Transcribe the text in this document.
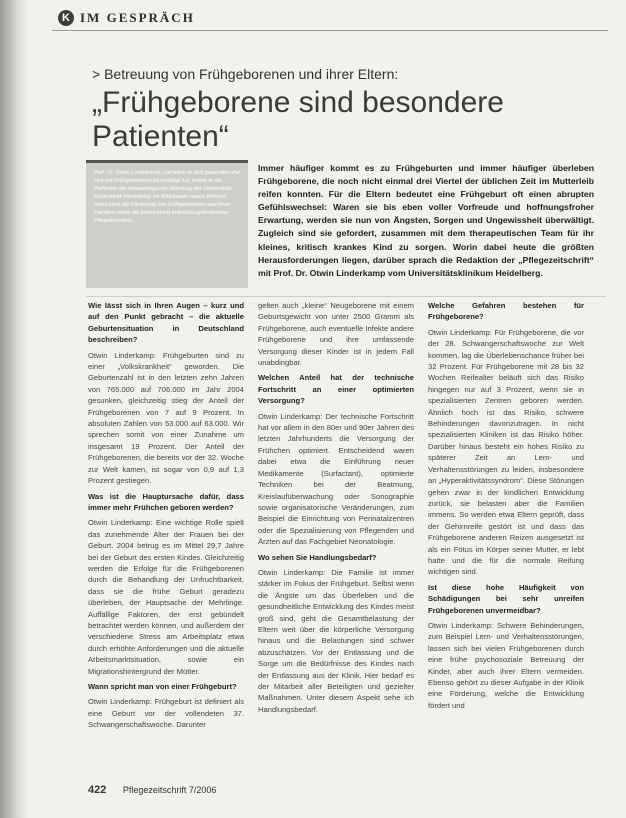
K IM GESPRÄCH
> Betreuung von Frühgeborenen und ihrer Eltern:
„Frühgeborene sind besondere Patienten“
Prof. Dr. Otwin Linderkamp, nachdem er Arzt geworden und sich mit Frühgeborenen beschäftigt hat, leitete er als Professor die neonatologische Abteilung der Universitäts-Kinderklinik Heidelberg. Im Mittelpunkt seines Wirkens stand stets die Förderung von Frühgeborenen und ihren Familien sowie die Entwicklung entwicklungsfördernder Pflegekonzepte.
Immer häufiger kommt es zu Frühgeburten und immer häufiger überleben Frühgeborene, die noch nicht einmal drei Viertel der üblichen Zeit im Mutterleib reifen konnten. Für die Eltern bedeutet eine Frühgeburt oft einen abrupten Gefühlswechsel: Waren sie bis eben voller Vorfreude und hoffnungsfroher Erwartung, werden sie nun von Ängsten, Sorgen und Ungewissheit überwältigt. Zugleich sind sie gefordert, zusammen mit dem therapeutischen Team für ihr kleines, kritisch krankes Kind zu sorgen. Worin dabei heute die größten Herausforderungen liegen, darüber sprach die Redaktion der „Pflegezeitschrift“ mit Prof. Dr. Otwin Linderkamp vom Universitätsklinikum Heidelberg.

Wie lässt sich in Ihren Augen – kurz und auf den Punkt gebracht – die aktuelle Geburtensituation in Deutschland beschreiben?

Otwin Linderkamp: Frühgeburten sind zu einer „Volkskrankheit“ geworden. Die Geburtenzahl ist in den letzten zehn Jahren von 765.000 auf 706.000 im Jahr 2004 gesunken, gleichzeitig stieg der Anteil der Frühgeborenen von 7 auf 9 Prozent. In absoluten Zahlen von 53.000 auf 63.000. Wir sprechen somit von einer Zunahme um insgesamt 19 Prozent. Der Anteil der Frühgeborenen, die bereits vor der 32. Woche zur Welt kamen, ist sogar von 0,9 auf 1,3 Prozent gestiegen.

Was ist die Hauptursache dafür, dass immer mehr Frühchen geboren werden?

Otwin Linderkamp: Eine wichtige Rolle spielt das zunehmende Alter der Frauen bei der Geburt. 2004 betrug es im Mittel 29,7 Jahre bei der Geburt des ersten Kindes. Gleichzeitig werden die Erfolge für die Frühgeborenen durch die Behandlung der Unfruchtbarkeit, dass sie die frühe Geburt geradezu überleben, der Hauptsache der Mehrlinge. Auffällige Faktoren, der erst gebündelt betrachtet werden können, und außerdem der verschiedene Stress am Arbeitsplatz etwa durch erhöhte Anforderungen und die aktuelle Arbeitsmarktsituation, sowie ein Migrationshintergrund der Mütter.

Wann spricht man von einer Frühgeburt?

Otwin Linderkamp: Frühgeburt ist definiert als eine Geburt vor der vollendeten 37. Schwangerschaftswoche. Darunter

gelten auch „kleine“ Neugeborene mit einem Geburtsgewicht von unter 2500 Gramm als Frühgeborene, auch eventuelle Infekte andere Frühgeborene und ihre umfassende Versorgung dieser Kinder ist in jedem Fall unabdingbar.

Welchen Anteil hat der technische Fortschritt an einer optimierten Versorgung?

Otwin Linderkamp: Der technische Fortschritt hat vor allem in den 80er und 90er Jahren des letzten Jahrhunderts die Versorgung der Frühchen optimiert. Entscheidend waren dabei etwa die Einführung neuer Medikamente (Surfactant), optimierte Techniken bei der Beatmung, Kreislaufüberwachung oder Sonographie sowie organisatorische Veränderungen, zum Beispiel die Einrichtung von Perinatalzentren oder die Spezialisierung von Pflegenden und Ärzten auf das Fachgebiet Neonatologie.

Wo sehen Sie Handlungsbedarf?

Otwin Linderkamp: Die Familie ist immer stärker im Fokus der Frühgeburt. Selbst wenn die Ängste um das Überleben und die gesundheitliche Entwicklung des Kindes meist groß sind, geht die Gesamtbelastung der Eltern weit über die körperliche Versorgung hinaus und die Belastungen sind schwer abzuschätzen. Vor der Entlassung und die Sorge um die Bedürfnisse des Kindes nach der Entlassung aus der Klinik. Hier bedarf es der Mitarbeit aller Beteiligten und gezielter Maßnahmen. Unter diesem Aspekt sehe ich Handlungsbedarf.

Welche Gefahren bestehen für Frühgeborene?

Otwin Linderkamp: Für Frühgeborene, die vor der 28. Schwangerschaftswoche zur Welt kommen, lag die Überlebenschance früher bei 32 Prozent. Für Frühgeborene mit 28 bis 32 Wochen Reifealter beläuft sich das Risiko hingegen nur auf 3 Prozent, wenn sie in spezialisierten Zentren geboren werden. Ähnlich hoch ist das Risiko, schwere Behinderungen davonzutragen. In nicht spezialisierten Kliniken ist das Risiko höher. Darüber hinaus besteht ein hohes Risiko zu späterer Zeit an Lern- und Verhaltensstörungen zu leiden, insbesondere an „Hyperaktivitätssyndrom“. Diese Störungen gehen zwar in der kindlichen Entwicklung zurück, sie belasten aber die Familien immens. So werden etwa Eltern geprüft, dass der Gehirnreife gestört ist und dass das Frühgeborene anderen Reizen ausgesetzt ist als ein Fötus im Körper seiner Mutter, er lebt hatte und die für die normale Reifung wichtigen sind.

Ist diese hohe Häufigkeit von Schädigungen bei sehr unreifen Frühgeborenen unvermeidbar?

Otwin Linderkamp: Schwere Behinderungen, zum Beispiel Lern- und Verhaltensstörungen, lassen sich bei vielen Frühgeborenen durch eine frühe psychosoziale Betreuung der Kinder, aber auch ihrer Eltern vermeiden. Ebenso gehört zu dieser Aufgabe in der Klinik eine Förderung, welche die Entwicklung fördert und

422 Pflegezeitschrift 7/2006
